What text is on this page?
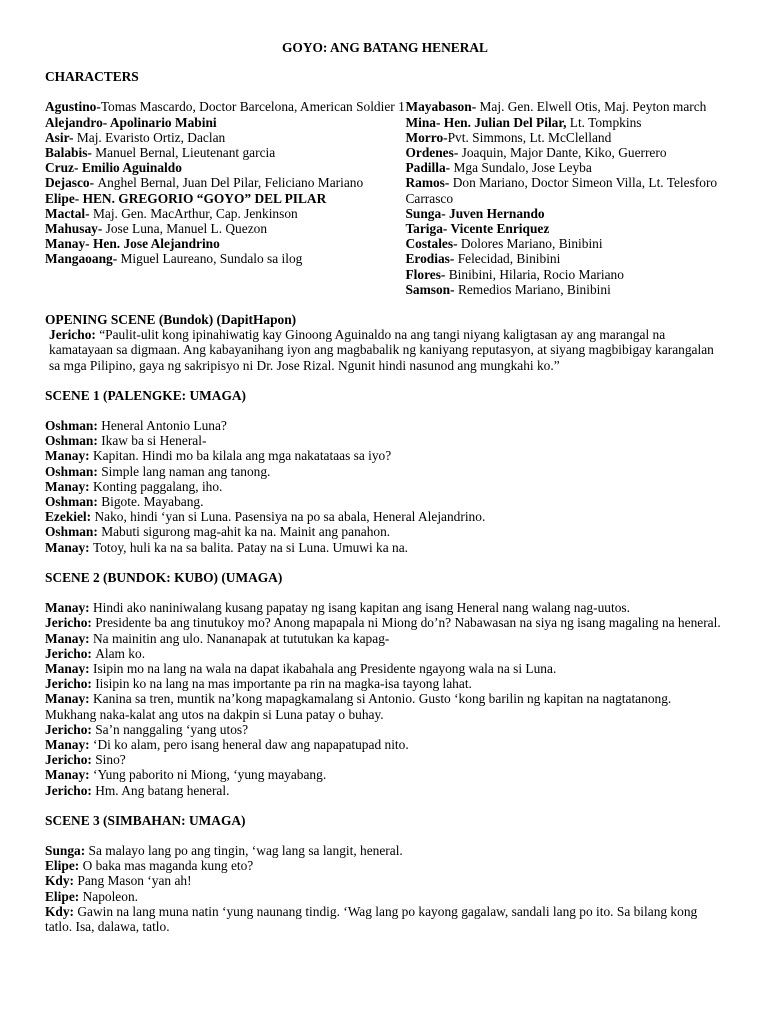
GOYO: ANG BATANG HENERAL
CHARACTERS
Agustino-Tomas Mascardo, Doctor Barcelona, American Soldier 1
Alejandro- Apolinario Mabini
Asir- Maj. Evaristo Ortiz, Daclan
Balabis- Manuel Bernal, Lieutenant garcia
Cruz- Emilio Aguinaldo
Dejasco- Anghel Bernal, Juan Del Pilar, Feliciano Mariano
Elipe- HEN. GREGORIO “GOYO” DEL PILAR
Mactal- Maj. Gen. MacArthur, Cap. Jenkinson
Mahusay- Jose Luna, Manuel L. Quezon
Manay- Hen. Jose Alejandrino
Mangaoang- Miguel Laureano, Sundalo sa ilog
Mayabason- Maj. Gen. Elwell Otis, Maj. Peyton march
Mina- Hen. Julian Del Pilar, Lt. Tompkins
Morro-Pvt. Simmons, Lt. McClelland
Ordenes- Joaquin, Major Dante, Kiko, Guerrero
Padilla- Mga Sundalo, Jose Leyba
Ramos- Don Mariano, Doctor Simeon Villa, Lt. Telesforo Carrasco
Sunga- Juven Hernando
Tariga- Vicente Enriquez
Costales- Dolores Mariano, Binibini
Erodias- Felecidad, Binibini
Flores- Binibini, Hilaria, Rocio Mariano
Samson- Remedios Mariano, Binibini
OPENING SCENE (Bundok) (DapitHapon)
Jericho: “Paulit-ulit kong ipinahiwatig kay Ginoong Aguinaldo na ang tangi niyang kaligtasan ay ang marangal na kamatayaan sa digmaan. Ang kabayanihang iyon ang magbabalik ng kaniyang reputasyon, at siyang magbibigay karangalan sa mga Pilipino, gaya ng sakripisyo ni Dr. Jose Rizal. Ngunit hindi nasunod ang mungkahi ko.”
SCENE 1 (PALENGKE: UMAGA)
Oshman: Heneral Antonio Luna?
Oshman: Ikaw ba si Heneral-
Manay: Kapitan. Hindi mo ba kilala ang mga nakatataas sa iyo?
Oshman: Simple lang naman ang tanong.
Manay: Konting paggalang, iho.
Oshman: Bigote. Mayabang.
Ezekiel: Nako, hindi ‘yan si Luna. Pasensiya na po sa abala, Heneral Alejandrino.
Oshman: Mabuti sigurong mag-ahit ka na. Mainit ang panahon.
Manay: Totoy, huli ka na sa balita. Patay na si Luna. Umuwi ka na.
SCENE 2 (BUNDOK: KUBO) (UMAGA)
Manay: Hindi ako naniniwalang kusang papatay ng isang kapitan ang isang Heneral nang walang nag-uutos.
Jericho: Presidente ba ang tinutukoy mo? Anong mapapala ni Miong do’n? Nabawasan na siya ng isang magaling na heneral.
Manay: Na mainitin ang ulo. Nananapak at tututukan ka kapag-
Jericho: Alam ko.
Manay: Isipin mo na lang na wala na dapat ikabahala ang Presidente ngayong wala na si Luna.
Jericho: Iisipin ko na lang na mas importante pa rin na magka-isa tayong lahat.
Manay: Kanina sa tren, muntik na’kong mapagkamalang si Antonio. Gusto ‘kong barilin ng kapitan na nagtatanong. Mukhang naka-kalat ang utos na dakpin si Luna patay o buhay.
Jericho: Sa’n nanggaling ‘yang utos?
Manay: ‘Di ko alam, pero isang heneral daw ang napapatupad nito.
Jericho: Sino?
Manay: ‘Yung paborito ni Miong, ‘yung mayabang.
Jericho: Hm. Ang batang heneral.
SCENE 3 (SIMBAHAN: UMAGA)
Sunga: Sa malayo lang po ang tingin, ‘wag lang sa langit, heneral.
Elipe: O baka mas maganda kung eto?
Kdy: Pang Mason ‘yan ah!
Elipe: Napoleon.
Kdy: Gawin na lang muna natin ‘yung naunang tindig. ‘Wag lang po kayong gagalaw, sandali lang po ito. Sa bilang kong tatlo. Isa, dalawa, tatlo.
